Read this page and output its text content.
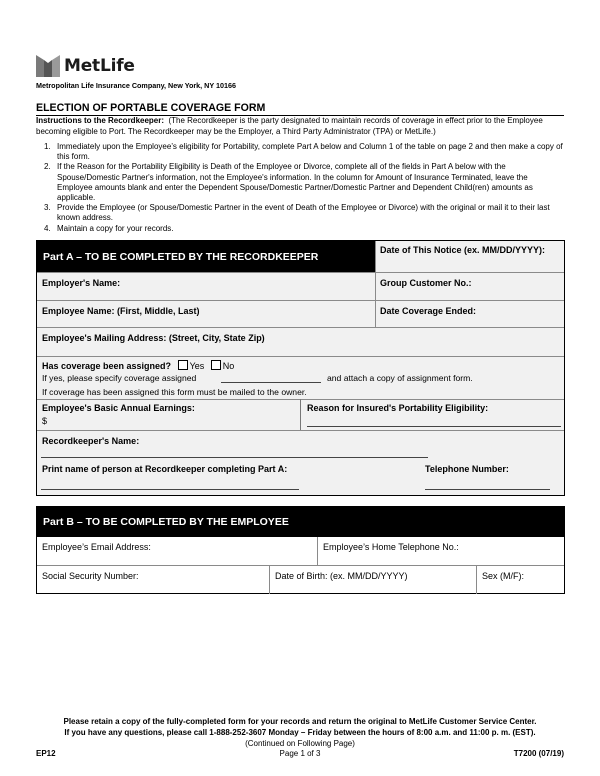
MetLife
Metropolitan Life Insurance Company, New York, NY 10166
ELECTION OF PORTABLE COVERAGE FORM
Instructions to the Recordkeeper: (The Recordkeeper is the party designated to maintain records of coverage in effect prior to the Employee becoming eligible to Port. The Recordkeeper may be the Employer, a Third Party Administrator (TPA) or MetLife.)
1. Immediately upon the Employee’s eligibility for Portability, complete Part A below and Column 1 of the table on page 2 and then make a copy of this form.
2. If the Reason for the Portability Eligibility is Death of the Employee or Divorce, complete all of the fields in Part A below with the Spouse/Domestic Partner's information, not the Employee's information. In the column for Amount of Insurance Terminated, leave the Employee amounts blank and enter the Dependent Spouse/Domestic Partner/Domestic Partner and Dependent Child(ren) amounts as applicable.
3. Provide the Employee (or Spouse/Domestic Partner in the event of Death of the Employee or Divorce) with the original or mail it to their last known address.
4. Maintain a copy for your records.
Part A – TO BE COMPLETED BY THE RECORDKEEPER
Date of This Notice (ex. MM/DD/YYYY):
Employer's Name:	Group Customer No.:
Employee Name: (First, Middle, Last)	Date Coverage Ended:
Employee's Mailing Address: (Street, City, State Zip)
Has coverage been assigned? Yes No
If yes, please specify coverage assigned	and attach a copy of assignment form.
If coverage has been assigned this form must be mailed to the owner.
Employee's Basic Annual Earnings:
$
Reason for Insured's Portability Eligibility:
Recordkeeper's Name:
Print name of person at Recordkeeper completing Part A:	Telephone Number:
Part B – TO BE COMPLETED BY THE EMPLOYEE
Employee’s Email Address:	Employee’s Home Telephone No.:
Social Security Number:	Date of Birth: (ex. MM/DD/YYYY)	Sex (M/F):
Please retain a copy of the fully-completed form for your records and return the original to MetLife Customer Service Center.
If you have any questions, please call 1-888-252-3607 Monday – Friday between the hours of 8:00 a.m. and 11:00 p. m. (EST).
(Continued on Following Page)
EP12	Page 1 of 3	T7200 (07/19)
